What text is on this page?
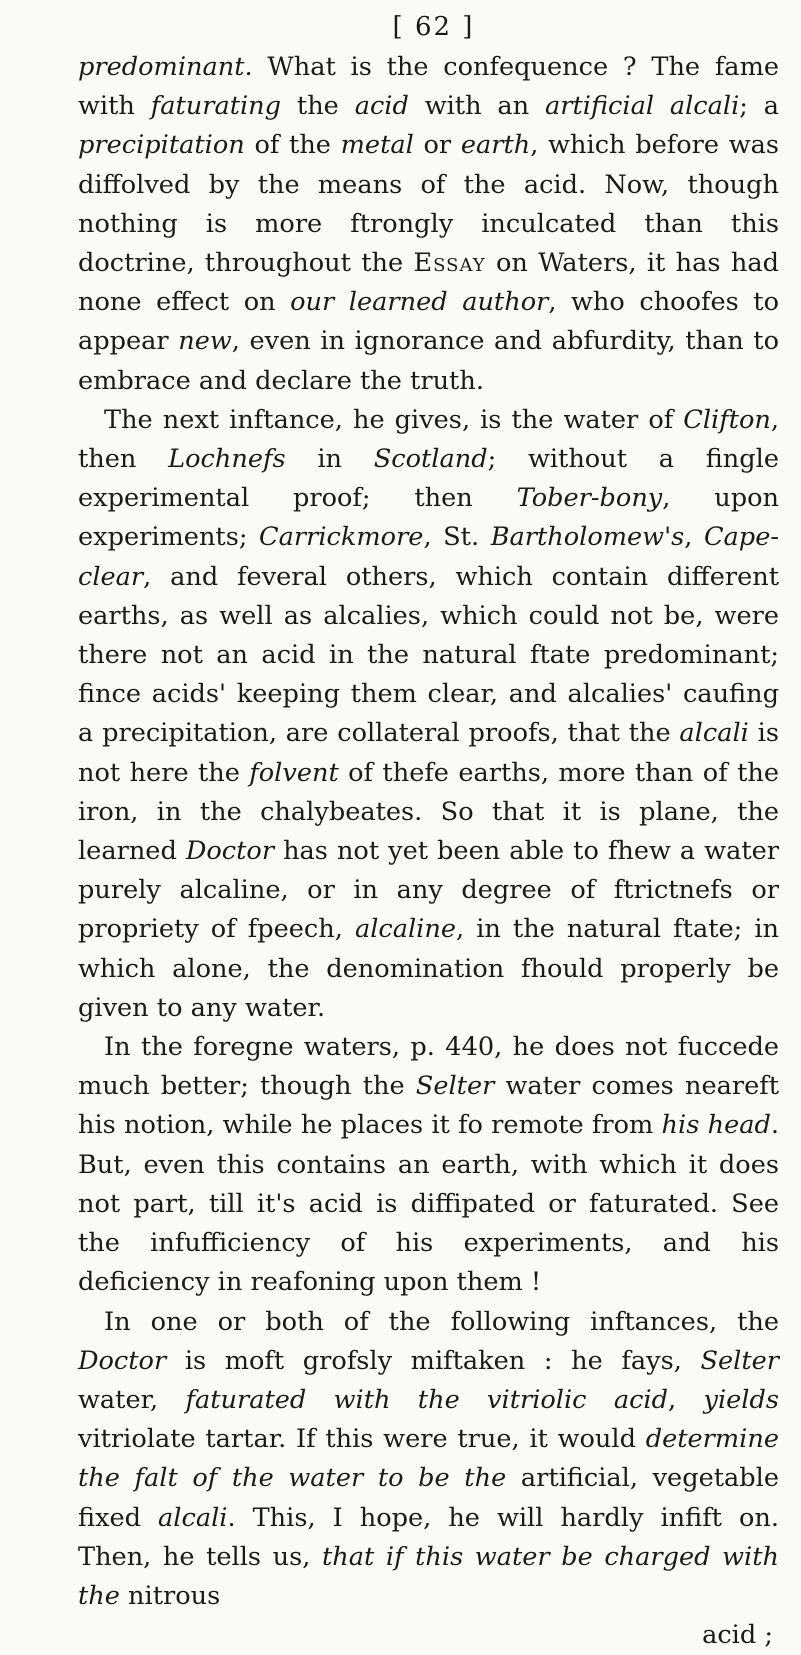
[ 62 ]

predominant. What is the confequence ? The fame with faturating the acid with an artificial alcali; a precipitation of the metal or earth, which before was diffolved by the means of the acid. Now, though nothing is more ftrongly inculcated than this doctrine, throughout the Essay on Waters, it has had none effect on our learned author, who choofes to appear new, even in ignorance and abfurdity, than to embrace and declare the truth.

The next inftance, he gives, is the water of Clifton, then Lochnefs in Scotland; without a fingle experimental proof; then Tober-bony, upon experiments; Carrickmore, St. Bartholomew's, Cape-clear, and feveral others, which contain different earths, as well as alcalies, which could not be, were there not an acid in the natural ftate predominant; fince acids' keeping them clear, and alcalies' caufing a precipitation, are collateral proofs, that the alcali is not here the folvent of thefe earths, more than of the iron, in the chalybeates. So that it is plane, the learned Doctor has not yet been able to fhew a water purely alcaline, or in any degree of ftrictnefs or propriety of fpeech, alcaline, in the natural ftate; in which alone, the denomination fhould properly be given to any water.

In the foregne waters, p. 440, he does not fuccede much better; though the Selter water comes neareft his notion, while he places it fo remote from his head. But, even this contains an earth, with which it does not part, till it's acid is diffipated or faturated. See the infufficiency of his experiments, and his deficiency in reafoning upon them !

In one or both of the following inftances, the Doctor is moft grofsly miftaken : he fays, Selter water, faturated with the vitriolic acid, yields vitriolate tartar. If this were true, it would determine the falt of the water to be the artificial, vegetable fixed alcali. This, I hope, he will hardly infift on. Then, he tells us, that if this water be charged with the nitrous

acid ;
